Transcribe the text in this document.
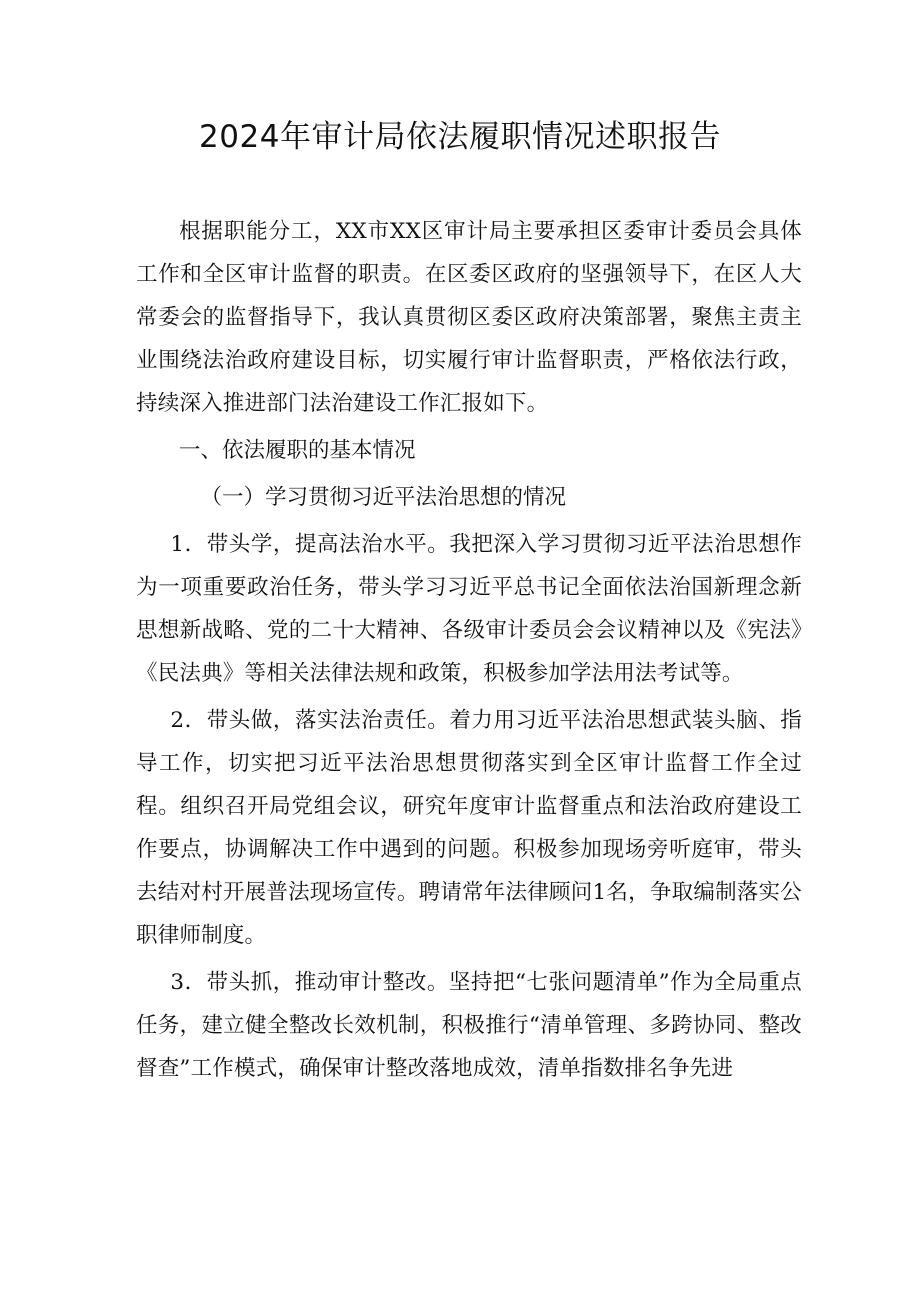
2024年审计局依法履职情况述职报告

根据职能分工，XX市XX区审计局主要承担区委审计委员会具体工作和全区审计监督的职责。在区委区政府的坚强领导下，在区人大常委会的监督指导下，我认真贯彻区委区政府决策部署，聚焦主责主业围绕法治政府建设目标，切实履行审计监督职责，严格依法行政，持续深入推进部门法治建设工作汇报如下。

一、依法履职的基本情况

（一）学习贯彻习近平法治思想的情况

1．带头学，提高法治水平。我把深入学习贯彻习近平法治思想作为一项重要政治任务，带头学习习近平总书记全面依法治国新理念新思想新战略、党的二十大精神、各级审计委员会会议精神以及《宪法》《民法典》等相关法律法规和政策，积极参加学法用法考试等。

2．带头做，落实法治责任。着力用习近平法治思想武装头脑、指导工作，切实把习近平法治思想贯彻落实到全区审计监督工作全过程。组织召开局党组会议，研究年度审计监督重点和法治政府建设工作要点，协调解决工作中遇到的问题。积极参加现场旁听庭审，带头去结对村开展普法现场宣传。聘请常年法律顾问1名，争取编制落实公职律师制度。

3．带头抓，推动审计整改。坚持把“七张问题清单”作为全局重点任务，建立健全整改长效机制，积极推行“清单管理、多跨协同、整改督查”工作模式，确保审计整改落地成效，清单指数排名争先进
